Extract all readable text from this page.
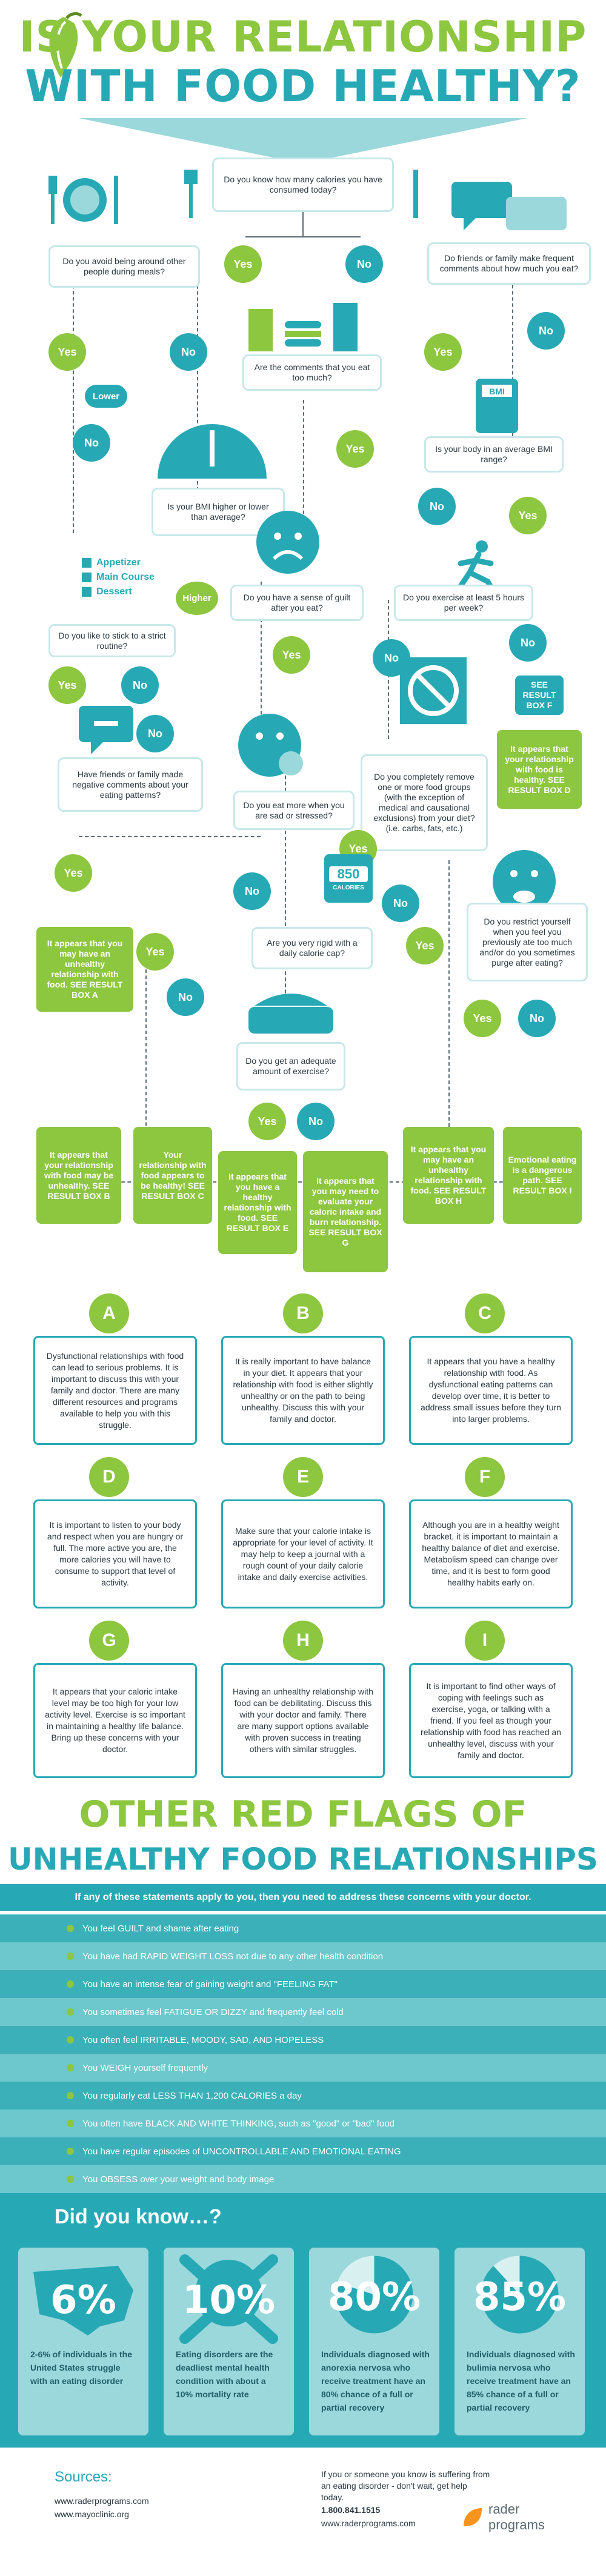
IS YOUR RELATIONSHIP
WITH FOOD HEALTHY?
Do you know how many calories you have consumed today?
Do you avoid being around other people during meals?
Yes	No	Do friends or family make frequent comments about how much you eat?
No
Yes	No
Are the comments that you eat too much?
Yes
BMI
Lower
No	Yes	Is your body in an average BMI range?
Is your BMI higher or lower than average?
No
Yes
Appetizer
Main Course
Dessert
Higher	Do you have a sense of guilt after you eat?
Do you exercise at least 5 hours per week?
Do you like to stick to a strict routine?
Yes	No
No
Yes	No	SEE RESULT BOX F
No
It appears that your relationship with food is healthy. SEE RESULT BOX D
Have friends or family made negative comments about your eating patterns?
Do you completely remove one or more food groups (with the exception of medical and causational exclusions) from your diet? (i.e. carbs, fats, etc.)
Do you eat more when you are sad or stressed?
Yes
Yes
No
850
CALORIES
No
It appears that you may have an unhealthy relationship with food. SEE RESULT BOX A
Yes
Are you very rigid with a daily calorie cap?
Yes
Do you restrict yourself when you feel you previously ate too much and/or do you sometimes purge after eating?
No
Yes	No
Do you get an adequate amount of exercise?
Yes	No
It appears that your relationship with food may be unhealthy. SEE RESULT BOX B
Your relationship with food appears to be healthy! SEE RESULT BOX C
It appears that you have a healthy relationship with food. SEE RESULT BOX E
It appears that you may need to evaluate your caloric intake and burn relationship. SEE RESULT BOX G
It appears that you may have an unhealthy relationship with food. SEE RESULT BOX H
Emotional eating is a dangerous path. SEE RESULT BOX I
A
Dysfunctional relationships with food can lead to serious problems. It is important to discuss this with your family and doctor. There are many different resources and programs available to help you with this struggle.
B
It is really important to have balance in your diet. It appears that your relationship with food is either slightly unhealthy or on the path to being unhealthy. Discuss this with your family and doctor.
C
It appears that you have a healthy relationship with food. As dysfunctional eating patterns can develop over time, it is better to address small issues before they turn into larger problems.
D
It is important to listen to your body and respect when you are hungry or full. The more active you are, the more calories you will have to consume to support that level of activity.
E
Make sure that your calorie intake is appropriate for your level of activity. It may help to keep a journal with a rough count of your daily calorie intake and daily exercise activities.
F
Although you are in a healthy weight bracket, it is important to maintain a healthy balance of diet and exercise. Metabolism speed can change over time, and it is best to form good healthy habits early on.
G
It appears that your caloric intake level may be too high for your low activity level. Exercise is so important in maintaining a healthy life balance. Bring up these concerns with your doctor.
H
Having an unhealthy relationship with food can be debilitating. Discuss this with your doctor and family. There are many support options available with proven success in treating others with similar struggles.
I
It is important to find other ways of coping with feelings such as exercise, yoga, or talking with a friend. If you feel as though your relationship with food has reached an unhealthy level, discuss with your family and doctor.
OTHER RED FLAGS OF
UNHEALTHY FOOD RELATIONSHIPS
If any of these statements apply to you, then you need to address these concerns with your doctor.
You feel GUILT and shame after eating
You have had RAPID WEIGHT LOSS not due to any other health condition
You have an intense fear of gaining weight and "FEELING FAT"
You sometimes feel FATIGUE OR DIZZY and frequently feel cold
You often feel IRRITABLE, MOODY, SAD, AND HOPELESS
You WEIGH yourself frequently
You regularly eat LESS THAN 1,200 CALORIES a day
You often have BLACK AND WHITE THINKING, such as "good" or "bad" food
You have regular episodes of UNCONTROLLABLE AND EMOTIONAL EATING
You OBSESS over your weight and body image
Did you know…?
6%
2-6% of individuals in the United States struggle with an eating disorder
10%
Eating disorders are the deadliest mental health condition with about a 10% mortality rate
80%
Individuals diagnosed with anorexia nervosa who receive treatment have an 80% chance of a full or partial recovery
85%
Individuals diagnosed with bulimia nervosa who receive treatment have an 85% chance of a full or partial recovery
Sources:
www.raderprograms.com
www.mayoclinic.org
If you or someone you know is suffering from an eating disorder - don't wait, get help today.
1.800.841.1515
www.raderprograms.com
rader
programs
